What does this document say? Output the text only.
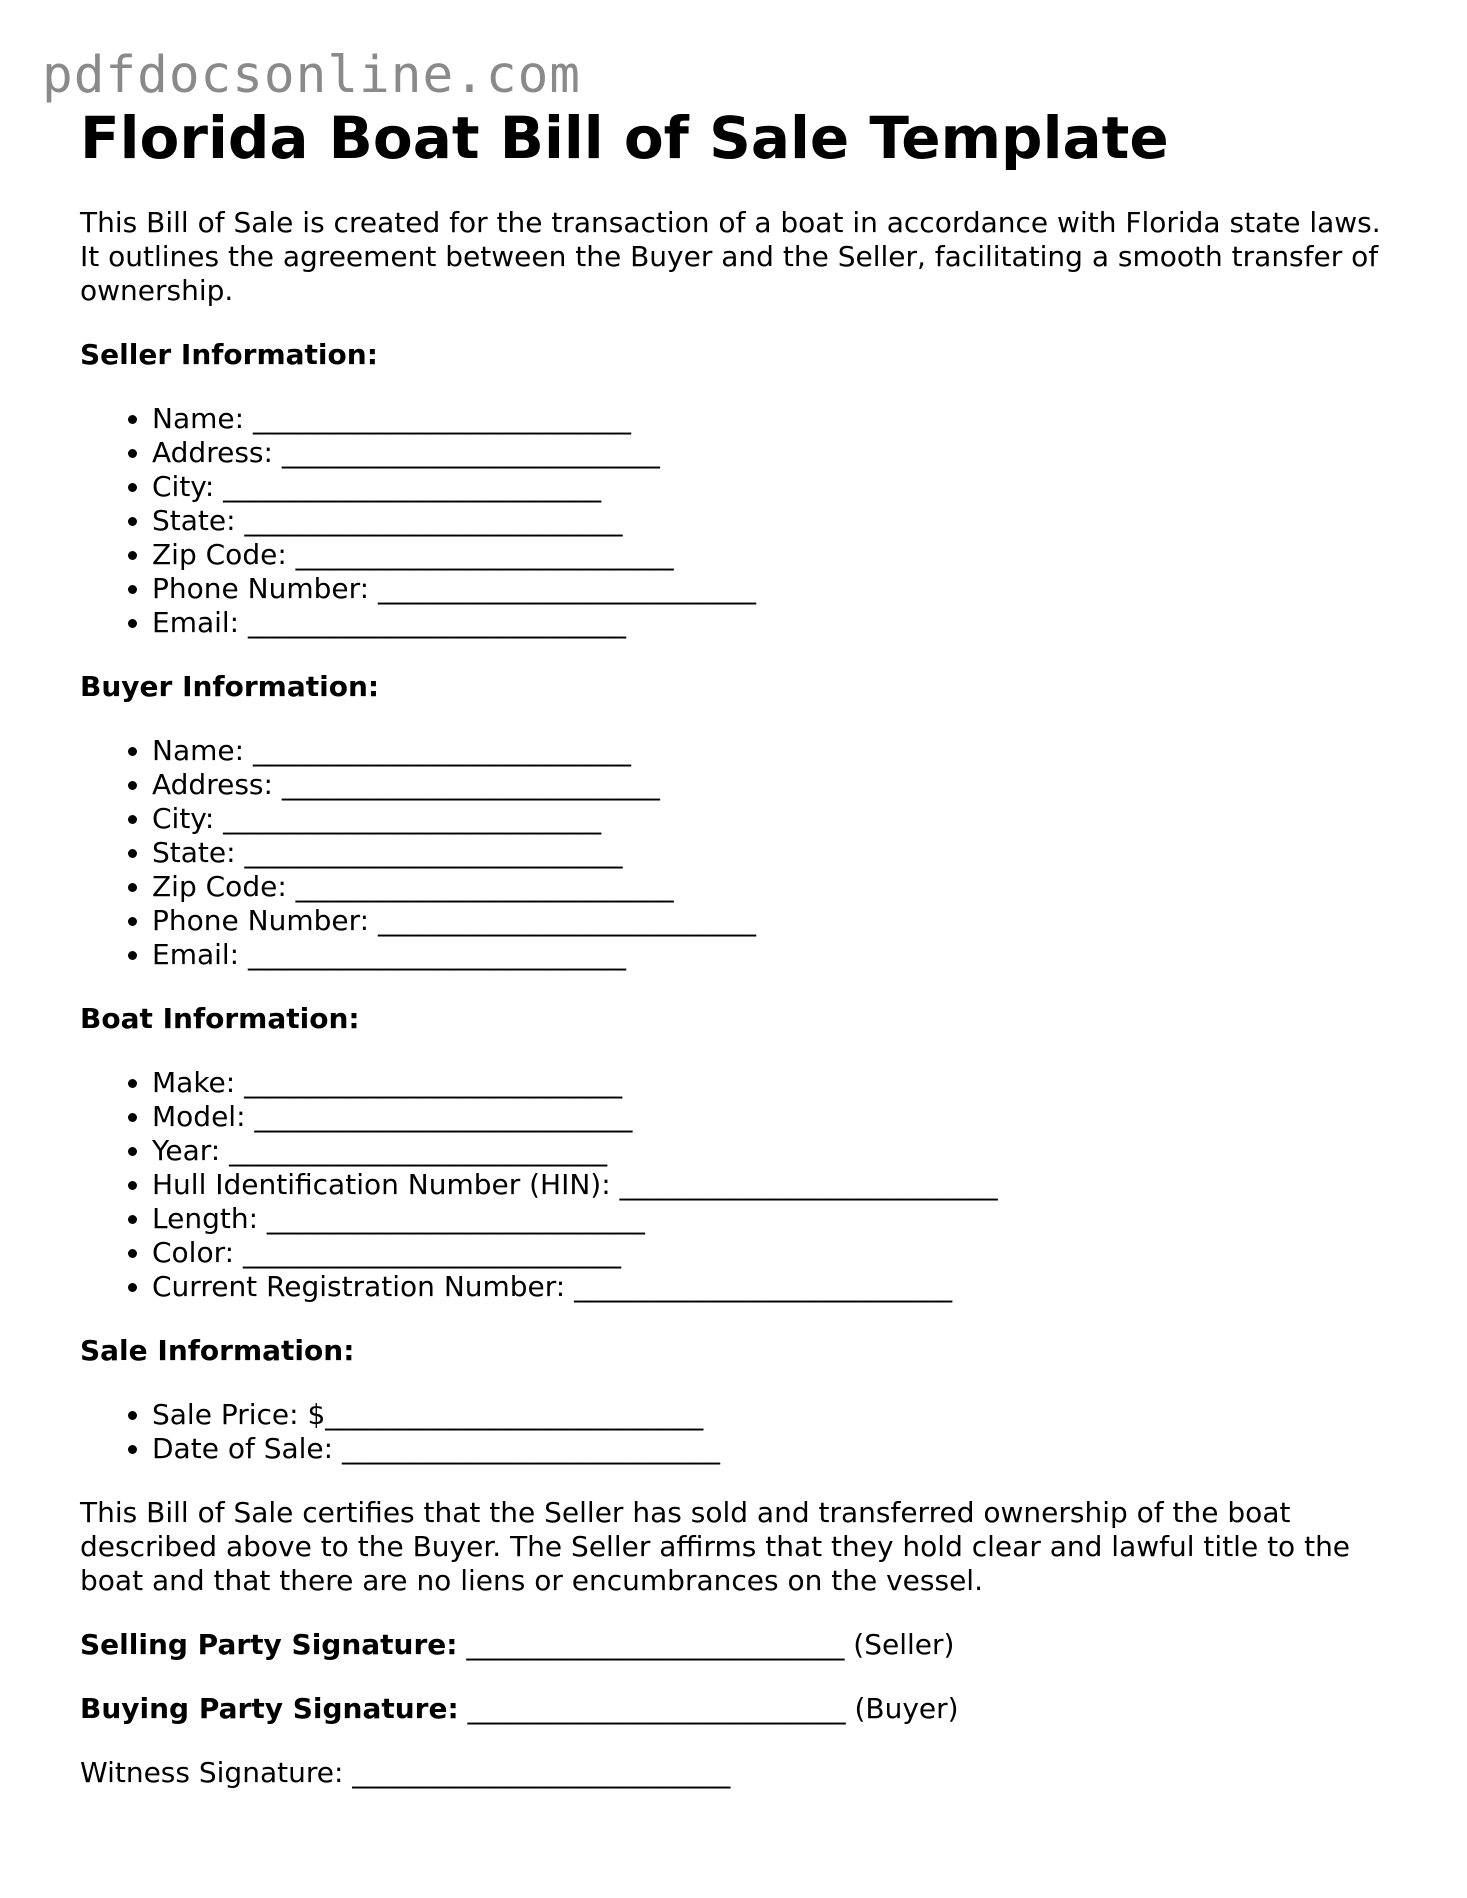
pdfdocsonline.com
Florida Boat Bill of Sale Template

This Bill of Sale is created for the transaction of a boat in accordance with Florida state laws. It outlines the agreement between the Buyer and the Seller, facilitating a smooth transfer of ownership.

Seller Information:
• Name: ___________________________
• Address: ___________________________
• City: ___________________________
• State: ___________________________
• Zip Code: ___________________________
• Phone Number: ___________________________
• Email: ___________________________
Buyer Information:
• Name: ___________________________
• Address: ___________________________
• City: ___________________________
• State: ___________________________
• Zip Code: ___________________________
• Phone Number: ___________________________
• Email: ___________________________
Boat Information:
• Make: ___________________________
• Model: ___________________________
• Year: ___________________________
• Hull Identification Number (HIN): ___________________________
• Length: ___________________________
• Color: ___________________________
• Current Registration Number: ___________________________
Sale Information:
• Sale Price: $___________________________
• Date of Sale: ___________________________

This Bill of Sale certifies that the Seller has sold and transferred ownership of the boat described above to the Buyer. The Seller affirms that they hold clear and lawful title to the boat and that there are no liens or encumbrances on the vessel.

Selling Party Signature: ___________________________ (Seller)
Buying Party Signature: ___________________________ (Buyer)
Witness Signature: ___________________________
